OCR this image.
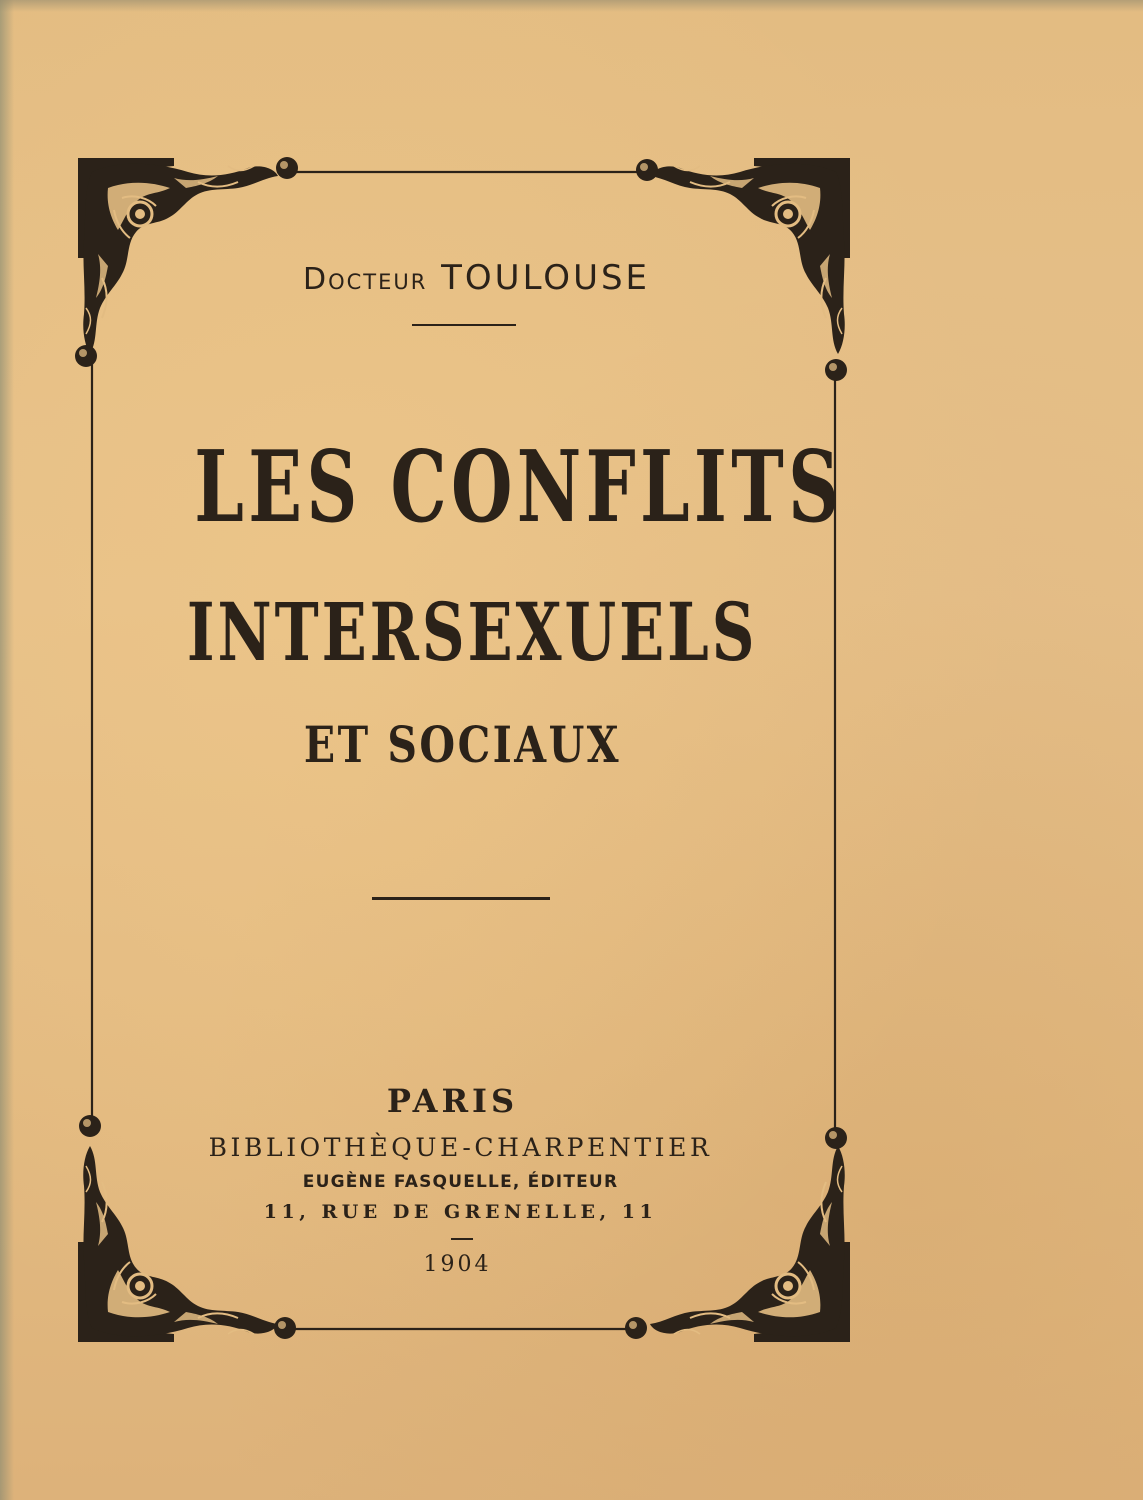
Docteur TOULOUSE

LES CONFLITS

INTERSEXUELS

ET SOCIAUX

PARIS

BIBLIOTHÈQUE-CHARPENTIER

EUGÈNE FASQUELLE, ÉDITEUR

11, RUE DE GRENELLE, 11

1904
